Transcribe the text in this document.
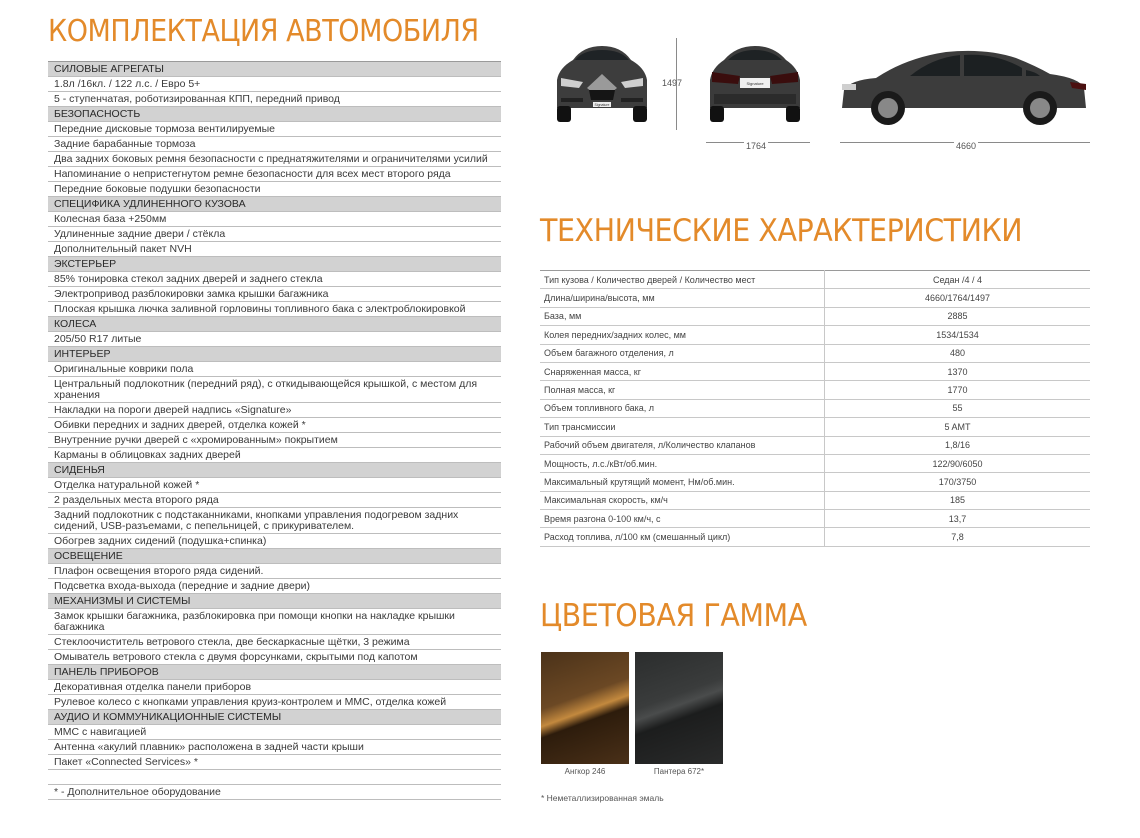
КОМПЛЕКТАЦИЯ АВТОМОБИЛЯ
СИЛОВЫЕ АГРЕГАТЫ
1.8л /16кл. / 122 л.с. / Евро 5+
5 - ступенчатая, роботизированная КПП, передний привод
БЕЗОПАСНОСТЬ
Передние дисковые тормоза вентилируемые
Задние барабанные тормоза
Два задних боковых ремня безопасности с преднатяжителями и ограничителями усилий
Напоминание о непристегнутом ремне безопасности для всех мест второго ряда
Передние боковые подушки безопасности
СПЕЦИФИКА УДЛИНЕННОГО КУЗОВА
Колесная база +250мм
Удлиненные задние двери / стёкла
Дополнительный пакет NVH
ЭКСТЕРЬЕР
85% тонировка стекол задних дверей и заднего стекла
Электропривод разблокировки замка крышки багажника
Плоская крышка лючка заливной горловины топливного бака с электроблокировкой
КОЛЕСА
205/50 R17 литые
ИНТЕРЬЕР
Оригинальные коврики пола
Центральный подлокотник (передний ряд), с откидывающейся крышкой, с местом для хранения
Накладки на пороги дверей надпись «Signature»
Обивки передних и задних дверей, отделка кожей *
Внутренние ручки дверей с «хромированным» покрытием
Карманы в облицовках задних дверей
СИДЕНЬЯ
Отделка натуральной кожей *
2 раздельных места второго ряда
Задний подлокотник с подстаканниками, кнопками управления подогревом задних сидений, USB-разъемами, с пепельницей, с прикуривателем.
Обогрев задних сидений (подушка+спинка)
ОСВЕЩЕНИЕ
Плафон освещения второго ряда сидений.
Подсветка входа-выхода (передние и задние двери)
МЕХАНИЗМЫ И СИСТЕМЫ
Замок крышки багажника, разблокировка при помощи кнопки на накладке крышки багажника
Стеклоочиститель ветрового стекла, две бескаркасные щётки, 3 режима
Омыватель ветрового стекла с двумя форсунками, скрытыми под капотом
ПАНЕЛЬ ПРИБОРОВ
Декоративная отделка панели приборов
Рулевое колесо с кнопками управления круиз-контролем и ММС, отделка кожей
АУДИО И КОММУНИКАЦИОННЫЕ СИСТЕМЫ
ММС с навигацией
Антенна «акулий плавник» расположена в задней части крыши
Пакет «Connected Services» *
* - Дополнительное оборудование
Signature
1497	Signature
1764	4660
ТЕХНИЧЕСКИЕ ХАРАКТЕРИСТИКИ
Тип кузова / Количество дверей / Количество мест	Седан /4 / 4
Длина/ширина/высота, мм	4660/1764/1497
База, мм	2885
Колея передних/задних колес, мм	1534/1534
Объем багажного отделения, л	480
Снаряженная масса, кг	1370
Полная масса, кг	1770
Объем топливного бака, л	55
Тип трансмиссии	5 AMT
Рабочий объем двигателя, л/Количество клапанов	1,8/16
Мощность, л.с./кВт/об.мин.	122/90/6050
Максимальный крутящий момент, Нм/об.мин.	170/3750
Максимальная скорость, км/ч	185
Время разгона 0-100 км/ч, с	13,7
Расход топлива, л/100 км (смешанный цикл)	7,8
ЦВЕТОВАЯ ГАММА
Ангкор 246	Пантера 672*
* Неметаллизированная эмаль
